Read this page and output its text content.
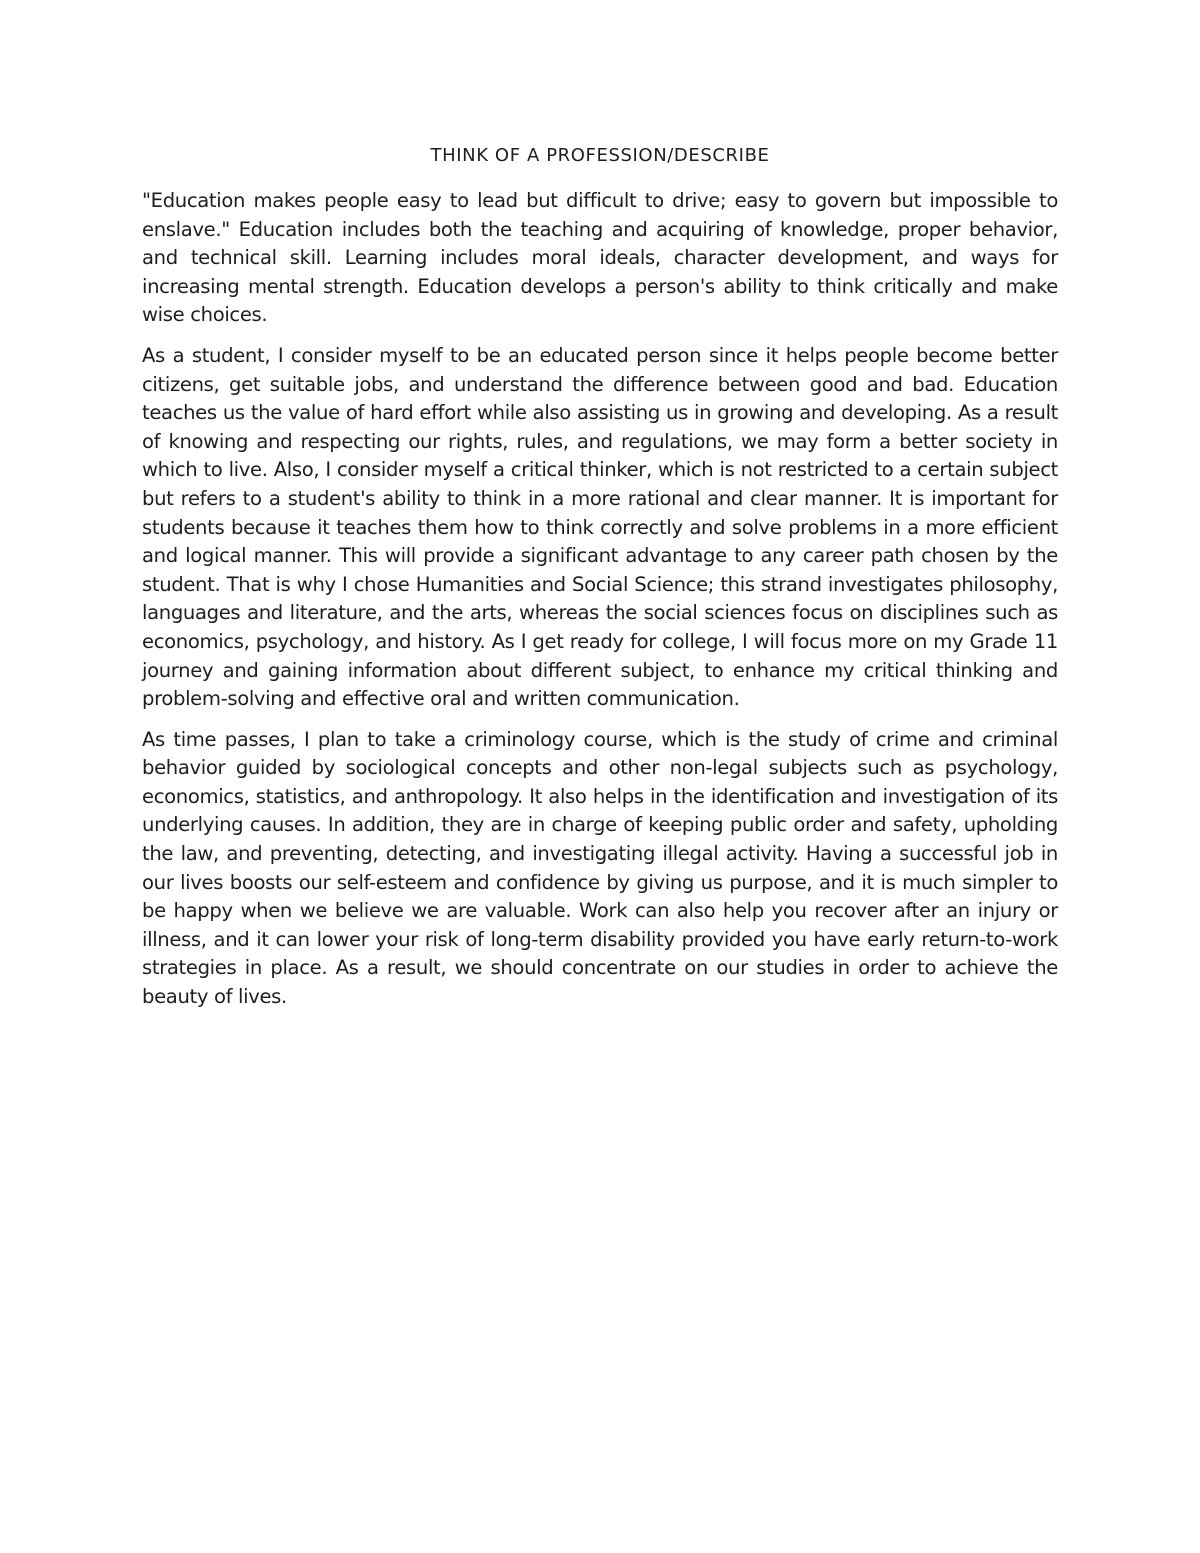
THINK OF A PROFESSION/DESCRIBE

"Education makes people easy to lead but difficult to drive; easy to govern but impossible to enslave." Education includes both the teaching and acquiring of knowledge, proper behavior, and technical skill. Learning includes moral ideals, character development, and ways for increasing mental strength. Education develops a person's ability to think critically and make wise choices.

As a student, I consider myself to be an educated person since it helps people become better citizens, get suitable jobs, and understand the difference between good and bad. Education teaches us the value of hard effort while also assisting us in growing and developing. As a result of knowing and respecting our rights, rules, and regulations, we may form a better society in which to live. Also, I consider myself a critical thinker, which is not restricted to a certain subject but refers to a student's ability to think in a more rational and clear manner. It is important for students because it teaches them how to think correctly and solve problems in a more efficient and logical manner. This will provide a significant advantage to any career path chosen by the student. That is why I chose Humanities and Social Science; this strand investigates philosophy, languages and literature, and the arts, whereas the social sciences focus on disciplines such as economics, psychology, and history. As I get ready for college, I will focus more on my Grade 11 journey and gaining information about different subject, to enhance my critical thinking and problem-solving and effective oral and written communication.

As time passes, I plan to take a criminology course, which is the study of crime and criminal behavior guided by sociological concepts and other non-legal subjects such as psychology, economics, statistics, and anthropology. It also helps in the identification and investigation of its underlying causes. In addition, they are in charge of keeping public order and safety, upholding the law, and preventing, detecting, and investigating illegal activity. Having a successful job in our lives boosts our self-esteem and confidence by giving us purpose, and it is much simpler to be happy when we believe we are valuable. Work can also help you recover after an injury or illness, and it can lower your risk of long-term disability provided you have early return-to-work strategies in place. As a result, we should concentrate on our studies in order to achieve the beauty of lives.
